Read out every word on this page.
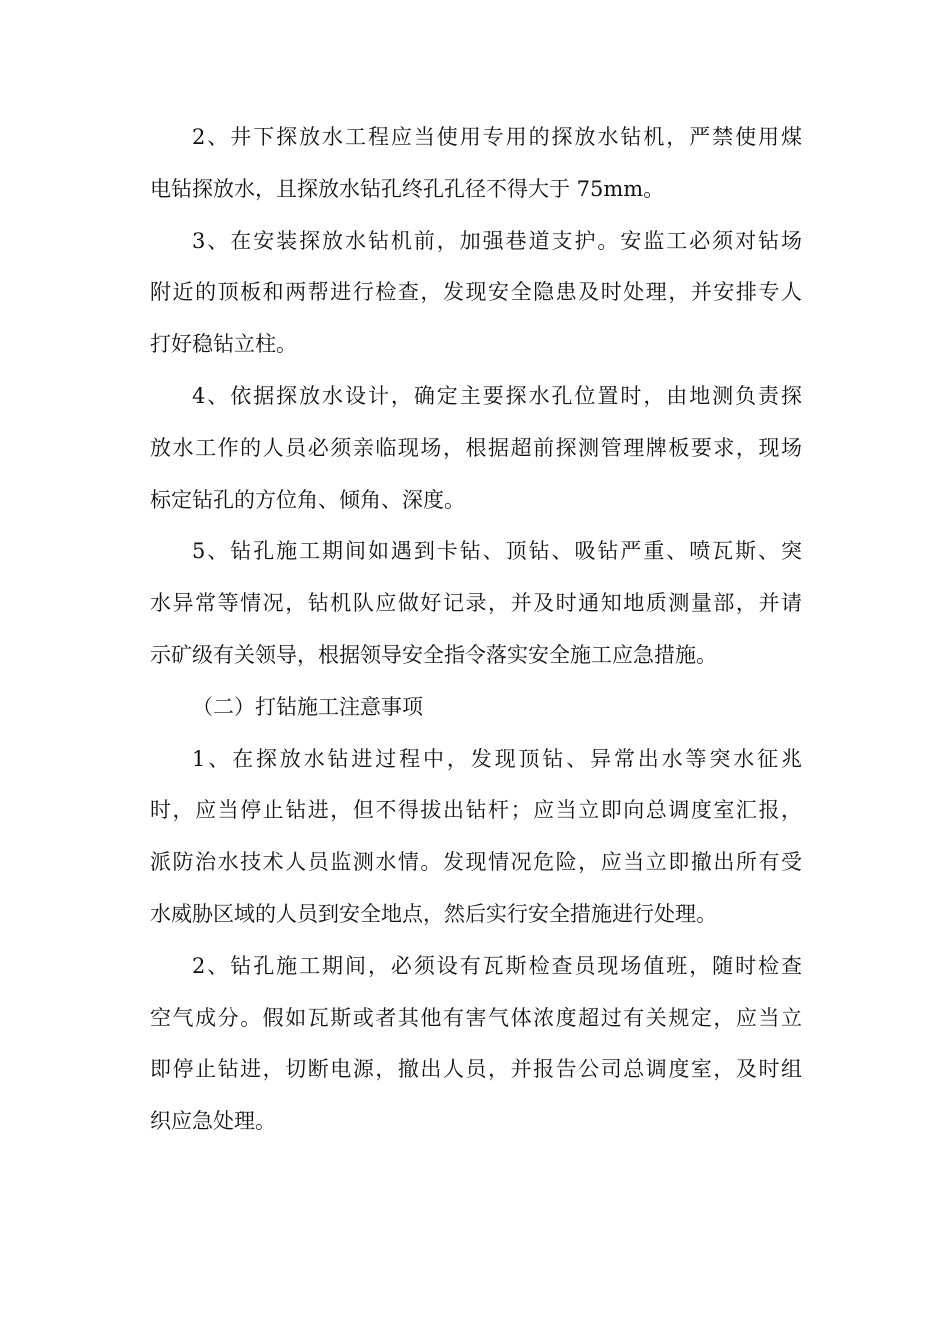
2、井下探放水工程应当使用专用的探放水钻机，严禁使用煤
电钻探放水，且探放水钻孔终孔孔径不得大于 75mm。
3、在安装探放水钻机前，加强巷道支护。安监工必须对钻场
附近的顶板和两帮进行检查，发现安全隐患及时处理，并安排专人
打好稳钻立柱。
4、依据探放水设计，确定主要探水孔位置时，由地测负责探
放水工作的人员必须亲临现场，根据超前探测管理牌板要求，现场
标定钻孔的方位角、倾角、深度。
5、钻孔施工期间如遇到卡钻、顶钻、吸钻严重、喷瓦斯、突
水异常等情况，钻机队应做好记录，并及时通知地质测量部，并请
示矿级有关领导，根据领导安全指令落实安全施工应急措施。
（二）打钻施工注意事项
1、在探放水钻进过程中，发现顶钻、异常出水等突水征兆
时，应当停止钻进，但不得拔出钻杆；应当立即向总调度室汇报，
派防治水技术人员监测水情。发现情况危险，应当立即撤出所有受
水威胁区域的人员到安全地点，然后实行安全措施进行处理。
2、钻孔施工期间，必须设有瓦斯检查员现场值班，随时检查
空气成分。假如瓦斯或者其他有害气体浓度超过有关规定，应当立
即停止钻进，切断电源，撤出人员，并报告公司总调度室，及时组
织应急处理。
